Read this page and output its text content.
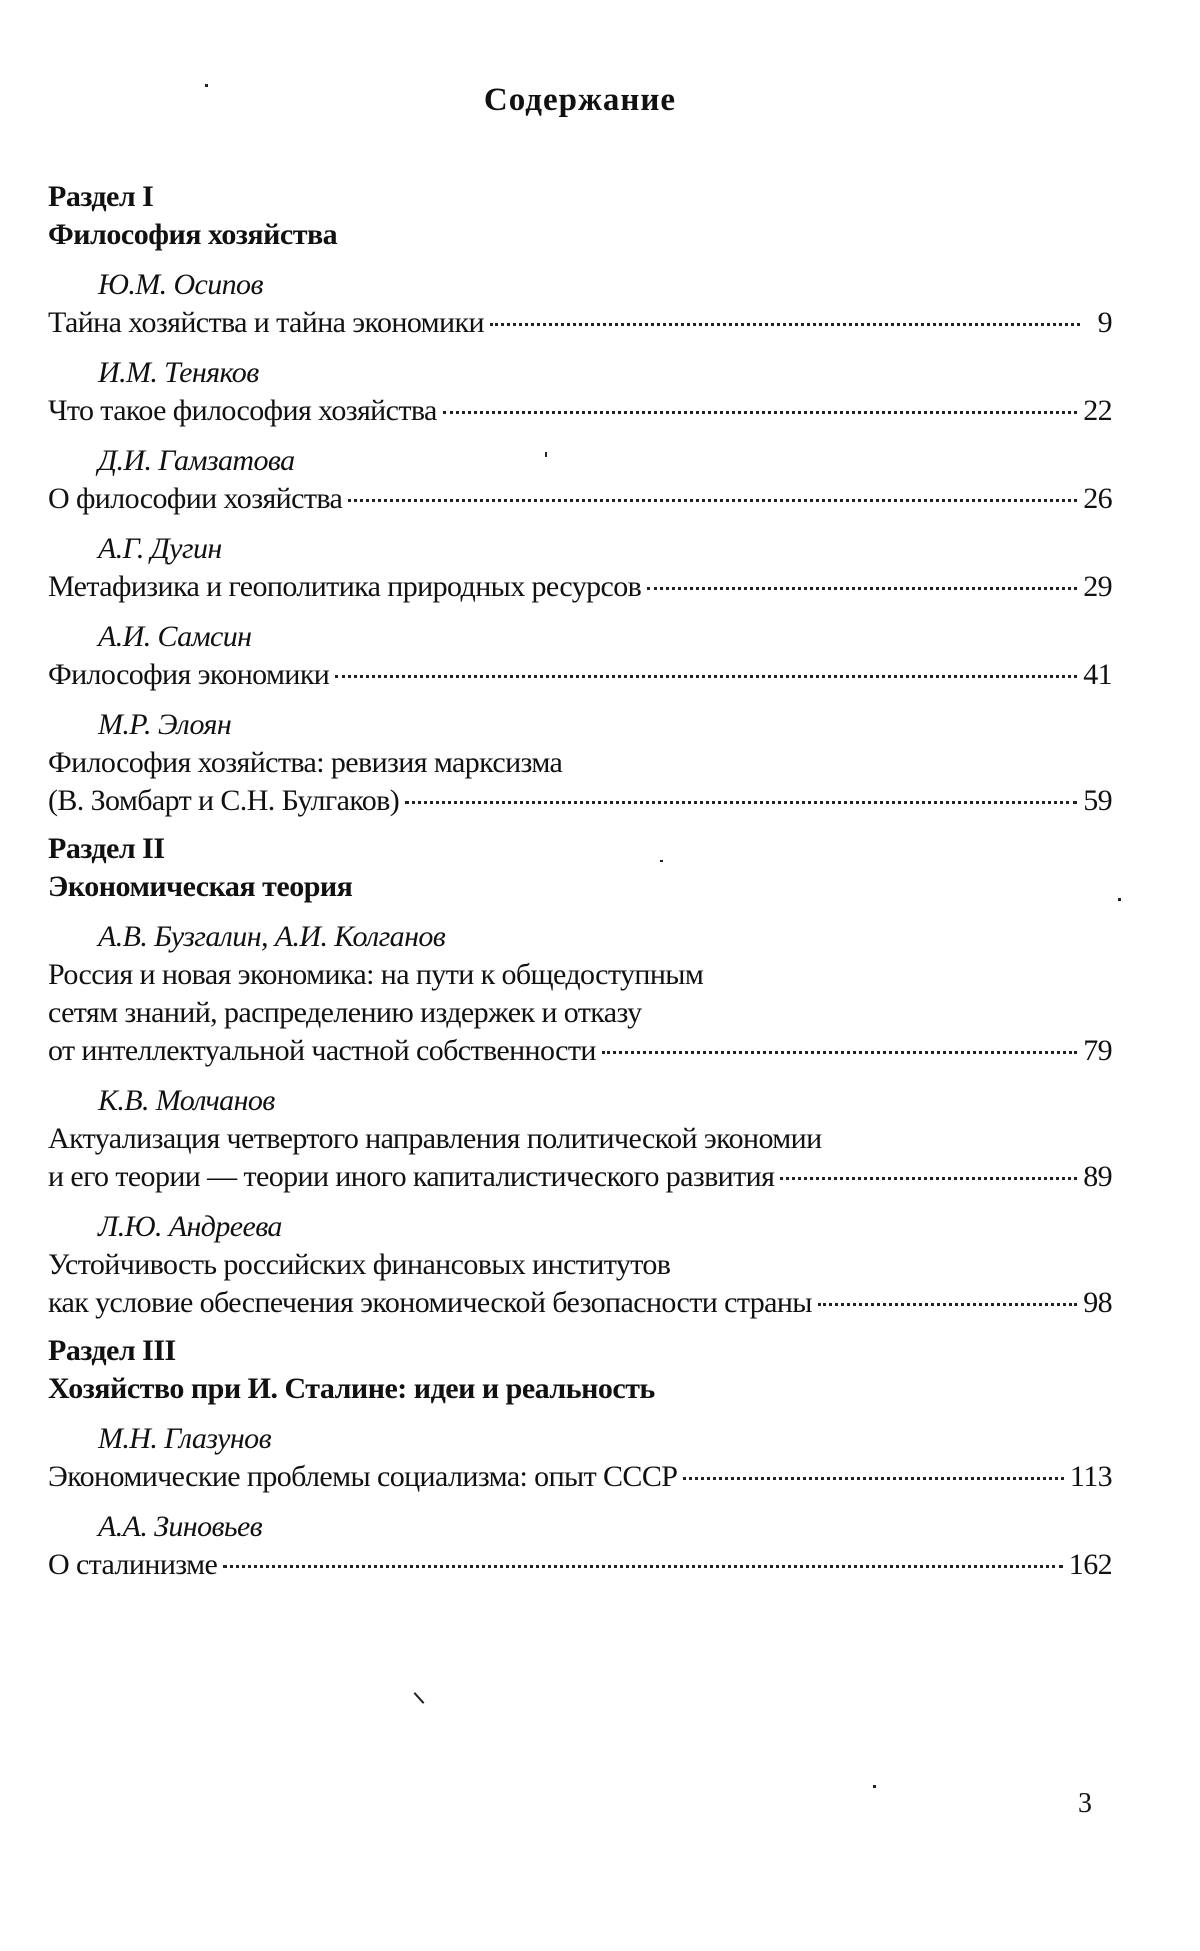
Содержание
Раздел I
Философия хозяйства
Ю.М. Осипов
Тайна хозяйства и тайна экономики	9
И.М. Теняков
Что такое философия хозяйства	22
Д.И. Гамзатова
О философии хозяйства	26
А.Г. Дугин
Метафизика и геополитика природных ресурсов	29
А.И. Самсин
Философия экономики	41
М.Р. Элоян
Философия хозяйства: ревизия марксизма
(В. Зомбарт и С.Н. Булгаков)	59
Раздел II
Экономическая теория
А.В. Бузгалин, А.И. Колганов
Россия и новая экономика: на пути к общедоступным
сетям знаний, распределению издержек и отказу
от интеллектуальной частной собственности	79
К.В. Молчанов
Актуализация четвертого направления политической экономии
и его теории — теории иного капиталистического развития	89
Л.Ю. Андреева
Устойчивость российских финансовых институтов
как условие обеспечения экономической безопасности страны	98
Раздел III
Хозяйство при И. Сталине: идеи и реальность
М.Н. Глазунов
Экономические проблемы социализма: опыт СССР	113
А.А. Зиновьев
О сталинизме	162
3
